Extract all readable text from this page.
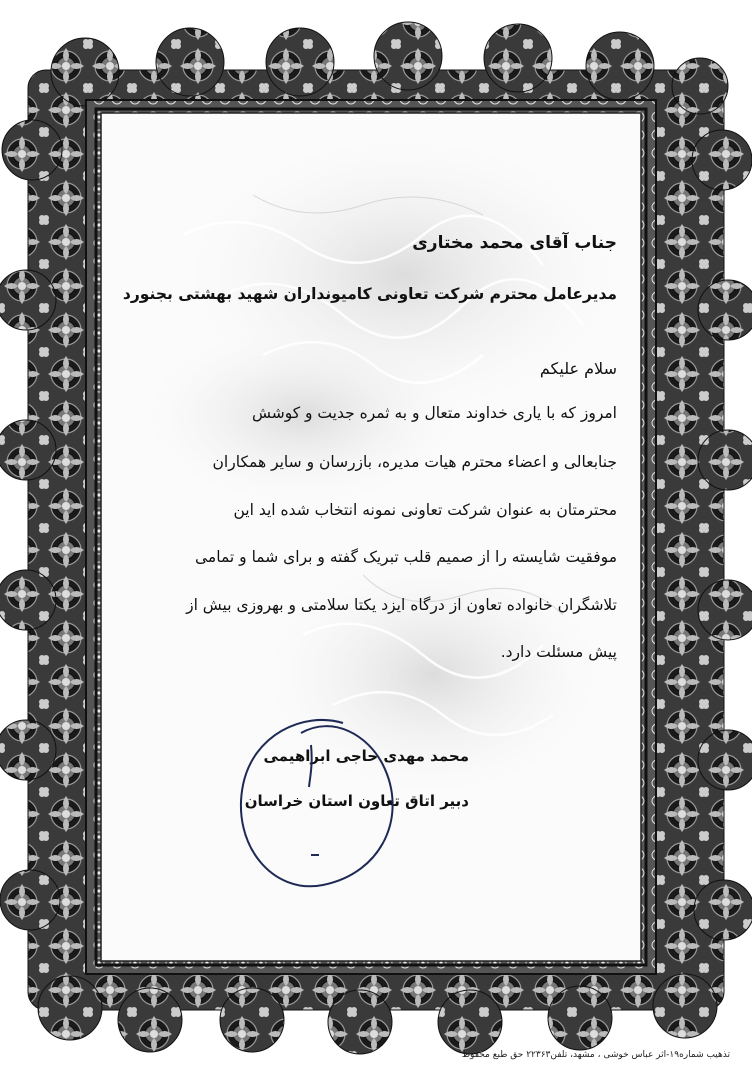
جناب آقای محمد مختاری
مدیرعامل محترم شرکت تعاونی کامیونداران شهید بهشتی بجنورد
سلام علیکم
امروز که با یاری خداوند متعال و به ثمره جدیت و کوشش
جنابعالی و اعضاء محترم هیات مدیره، بازرسان و سایر همکاران
محترمتان به عنوان شرکت تعاونی نمونه انتخاب شده اید این
موفقیت شایسته را از صمیم قلب تبریک گفته و برای شما و تمامی
تلاشگران خانواده تعاون از درگاه ایزد یکتا سلامتی و بهروزی بیش از
پیش مسئلت دارد.
محمد مهدی حاجی ابراهیمی
دبیر اتاق تعاون استان خراسان
تذهیب شماره۱۹-اثر عباس خوشی ، مشهد، تلفن۲۲۳۶۳ حق طبع محفوظ
